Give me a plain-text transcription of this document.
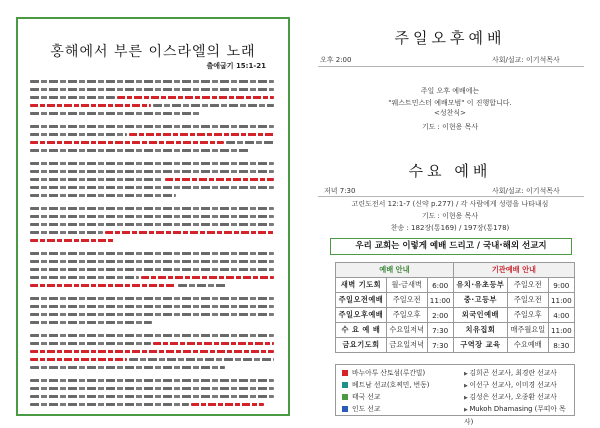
홍해에서 부른 이스라엘의 노래
출애굽기 15:1-21
주일오후예배
오후 2:00	사회/설교: 이기석목사
주일 오후 예배에는
"웨스트민스터 예배모범" 이 진행합니다.
<성찬식>
기도 : 이현용 목사
수요 예배
저녁 7:30	사회/설교: 이기석목사
고린도전서 12:1-7 (신약 p.277) / 각 사람에게 성령을 나타내심
기도 : 이현용 목사
찬송 : 182장(통169) / 197장(통178)
우리 교회는 이렇게 예배 드리고 / 국내·해외 선교지
예배 안내			기관예배 안내		
새벽 기도회	월-금새벽	6:00	유치·유초등부	주일오전	9:00
주일오전예배	주일오전	11:00	중·고등부	주일오전	11:00
주일오후예배	주일오후	2:00	외국인예배	주일오후	4:00
수 요 예 배	수요일저녁	7:30	치유집회	매주월요일	11:00
금요기도회	금요일저녁	7:30	구역장 교육	수요예배	8:30
바누아투 산토섬(루간빌)	▶ 김희곤 선교사, 최경란 선교사
베트남 선교(호찌민, 번동)	▶ 이선구 선교사, 이미경 선교사
태국 선교	▶ 김성은 선교사, 오종환 선교사
인도 선교	▶ Mukoh Dhamasing (무띠아 목사)
